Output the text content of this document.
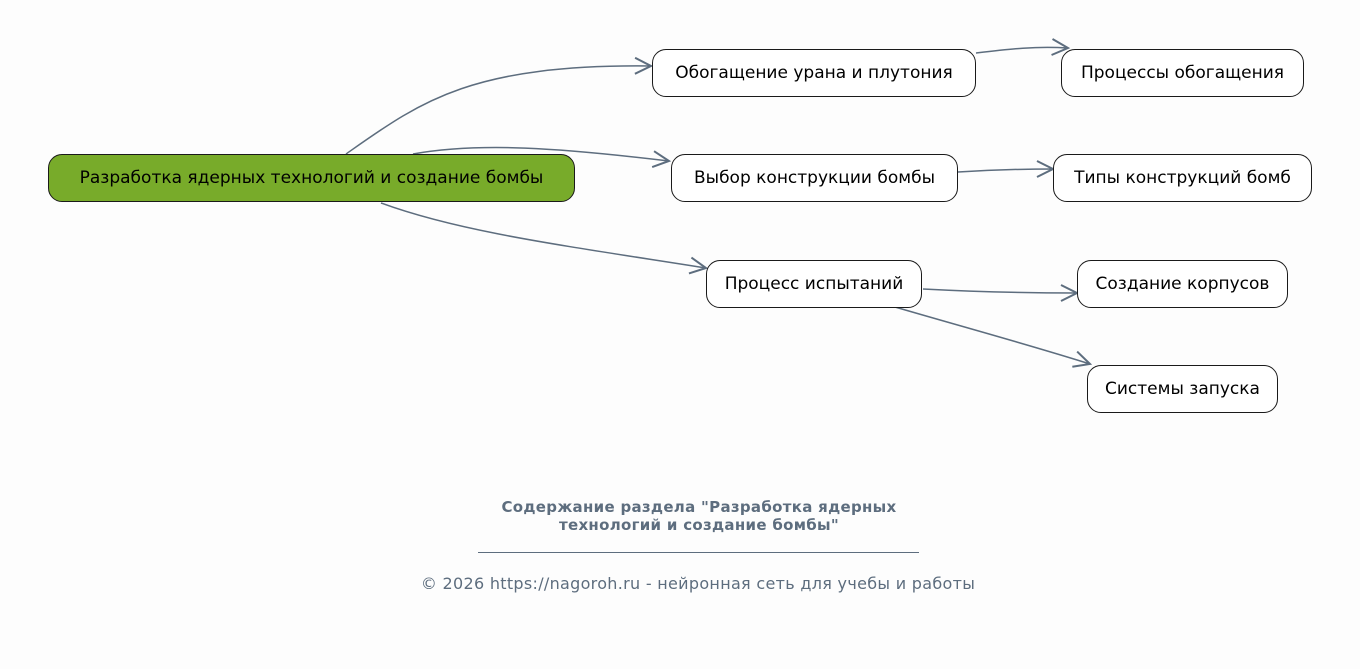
Разработка ядерных технологий и создание бомбы
Обогащение урана и плутония
Выбор конструкции бомбы
Процесс испытаний
Процессы обогащения
Типы конструкций бомб
Создание корпусов
Системы запуска
Содержание раздела "Разработка ядерных
технологий и создание бомбы"
© 2026 https://nagoroh.ru - нейронная сеть для учебы и работы
